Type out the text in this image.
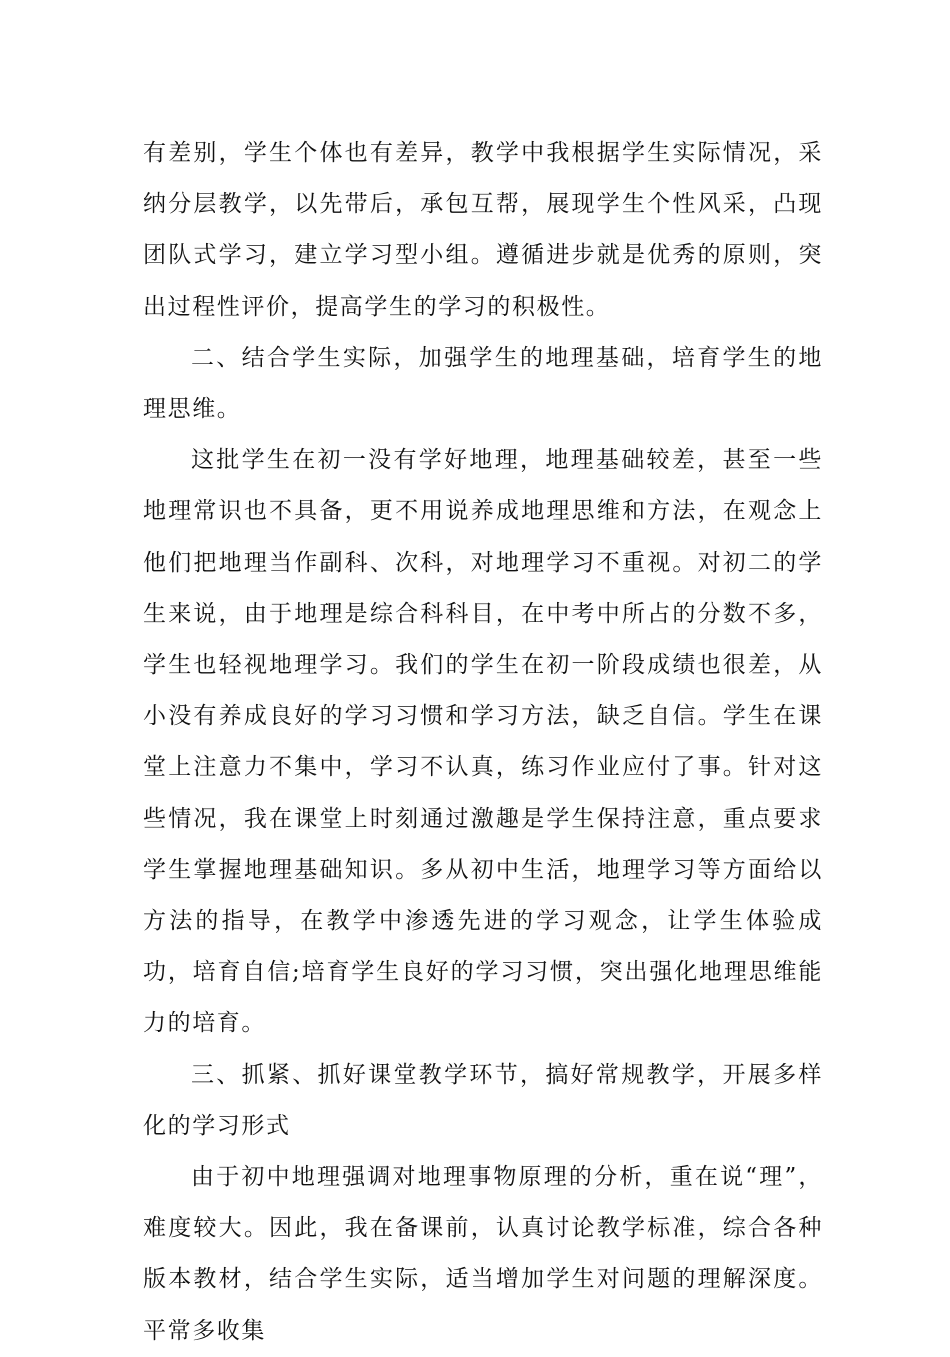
有差别，学生个体也有差异，教学中我根据学生实际情况，采纳分层教学，以先带后，承包互帮，展现学生个性风采，凸现团队式学习，建立学习型小组。遵循进步就是优秀的原则，突出过程性评价，提高学生的学习的积极性。

二、结合学生实际，加强学生的地理基础，培育学生的地理思维。

这批学生在初一没有学好地理，地理基础较差，甚至一些地理常识也不具备，更不用说养成地理思维和方法，在观念上他们把地理当作副科、次科，对地理学习不重视。对初二的学生来说，由于地理是综合科科目，在中考中所占的分数不多，学生也轻视地理学习。我们的学生在初一阶段成绩也很差，从小没有养成良好的学习习惯和学习方法，缺乏自信。学生在课堂上注意力不集中，学习不认真，练习作业应付了事。针对这些情况，我在课堂上时刻通过激趣是学生保持注意，重点要求学生掌握地理基础知识。多从初中生活，地理学习等方面给以方法的指导，在教学中渗透先进的学习观念，让学生体验成功，培育自信;培育学生良好的学习习惯，突出强化地理思维能力的培育。

三、抓紧、抓好课堂教学环节，搞好常规教学，开展多样化的学习形式

由于初中地理强调对地理事物原理的分析，重在说“理”，难度较大。因此，我在备课前，认真讨论教学标准，综合各种版本教材，结合学生实际，适当增加学生对问题的理解深度。平常多收集
